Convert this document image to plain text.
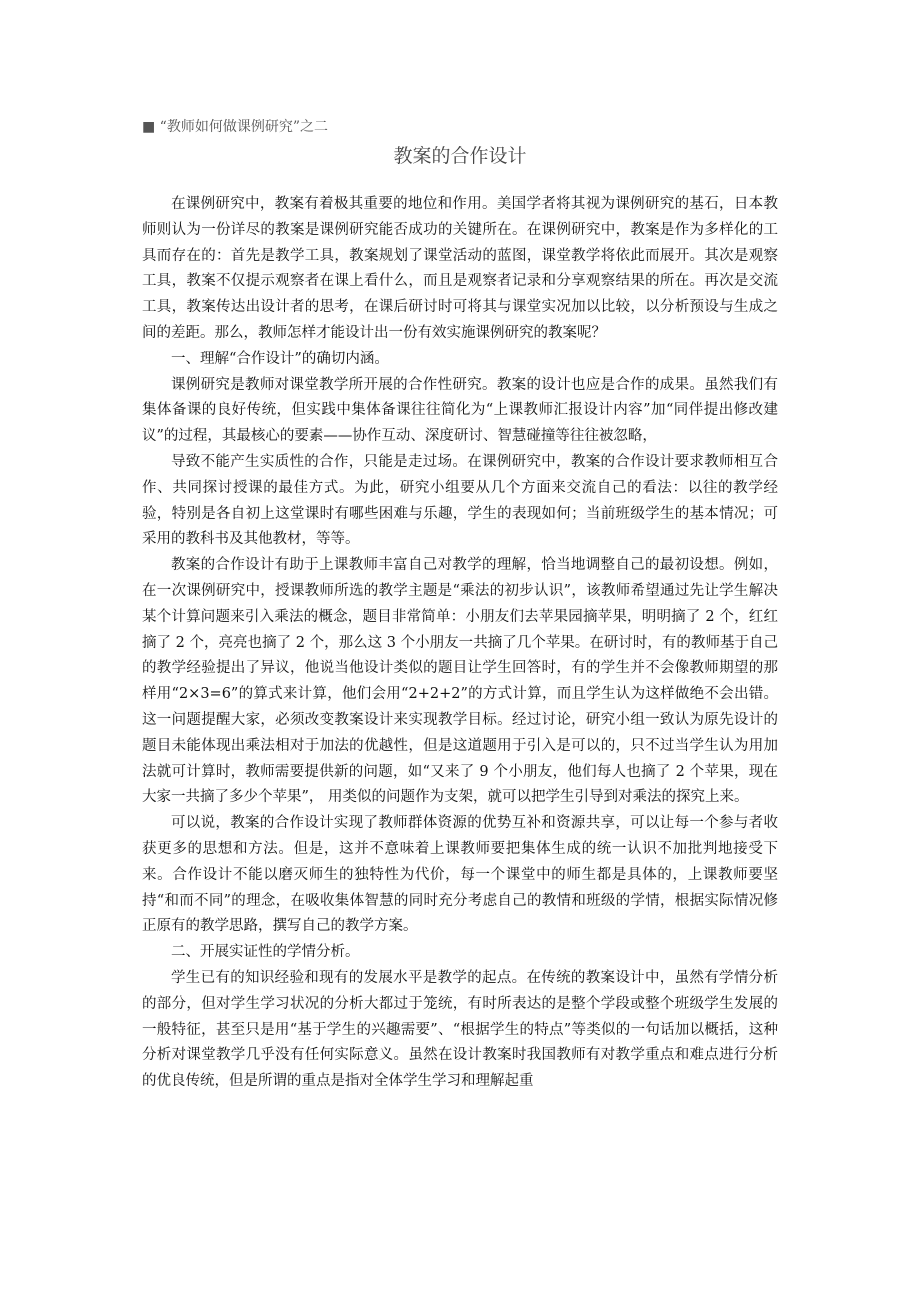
■ “教师如何做课例研究”之二
教案的合作设计

在课例研究中，教案有着极其重要的地位和作用。美国学者将其视为课例研究的基石，日本教师则认为一份详尽的教案是课例研究能否成功的关键所在。在课例研究中，教案是作为多样化的工具而存在的：首先是教学工具，教案规划了课堂活动的蓝图，课堂教学将依此而展开。其次是观察工具，教案不仅提示观察者在课上看什么，而且是观察者记录和分享观察结果的所在。再次是交流工具，教案传达出设计者的思考，在课后研讨时可将其与课堂实况加以比较，以分析预设与生成之间的差距。那么，教师怎样才能设计出一份有效实施课例研究的教案呢？

一、理解“合作设计”的确切内涵。

课例研究是教师对课堂教学所开展的合作性研究。教案的设计也应是合作的成果。虽然我们有集体备课的良好传统，但实践中集体备课往往简化为“上课教师汇报设计内容”加“同伴提出修改建议”的过程，其最核心的要素——协作互动、深度研讨、智慧碰撞等往往被忽略，

导致不能产生实质性的合作，只能是走过场。在课例研究中，教案的合作设计要求教师相互合作、共同探讨授课的最佳方式。为此，研究小组要从几个方面来交流自己的看法：以往的教学经验，特别是各自初上这堂课时有哪些困难与乐趣，学生的表现如何；当前班级学生的基本情况；可采用的教科书及其他教材，等等。

教案的合作设计有助于上课教师丰富自己对教学的理解，恰当地调整自己的最初设想。例如，在一次课例研究中，授课教师所选的教学主题是“乘法的初步认识”，该教师希望通过先让学生解决某个计算问题来引入乘法的概念，题目非常简单：小朋友们去苹果园摘苹果，明明摘了 2 个，红红摘了 2 个，亮亮也摘了 2 个，那么这 3 个小朋友一共摘了几个苹果。在研讨时，有的教师基于自己的教学经验提出了异议，他说当他设计类似的题目让学生回答时，有的学生并不会像教师期望的那样用“2×3=6”的算式来计算，他们会用“2+2+2”的方式计算，而且学生认为这样做绝不会出错。这一问题提醒大家，必须改变教案设计来实现教学目标。经过讨论，研究小组一致认为原先设计的题目未能体现出乘法相对于加法的优越性，但是这道题用于引入是可以的，只不过当学生认为用加法就可计算时，教师需要提供新的问题，如“又来了 9 个小朋友，他们每人也摘了 2 个苹果，现在大家一共摘了多少个苹果”， 用类似的问题作为支架，就可以把学生引导到对乘法的探究上来。

可以说，教案的合作设计实现了教师群体资源的优势互补和资源共享，可以让每一个参与者收获更多的思想和方法。但是，这并不意味着上课教师要把集体生成的统一认识不加批判地接受下来。合作设计不能以磨灭师生的独特性为代价，每一个课堂中的师生都是具体的，上课教师要坚持“和而不同”的理念，在吸收集体智慧的同时充分考虑自己的教情和班级的学情，根据实际情况修正原有的教学思路，撰写自己的教学方案。

二、开展实证性的学情分析。

学生已有的知识经验和现有的发展水平是教学的起点。在传统的教案设计中，虽然有学情分析的部分，但对学生学习状况的分析大都过于笼统，有时所表达的是整个学段或整个班级学生发展的一般特征，甚至只是用“基于学生的兴趣需要”、“根据学生的特点”等类似的一句话加以概括，这种分析对课堂教学几乎没有任何实际意义。虽然在设计教案时我国教师有对教学重点和难点进行分析的优良传统，但是所谓的重点是指对全体学生学习和理解起重
